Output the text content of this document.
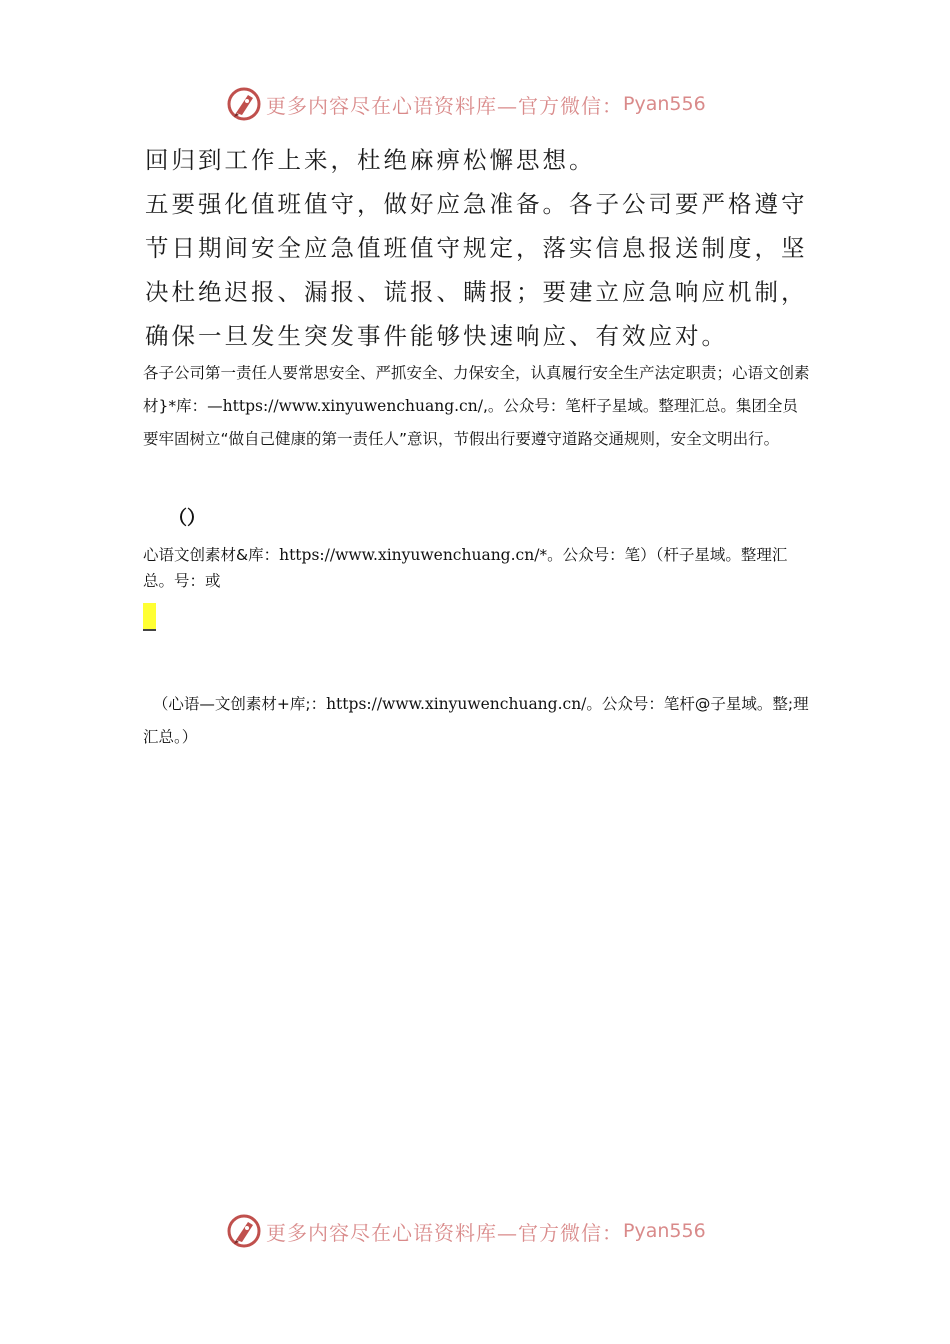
更多内容尽在心语资料库—官方微信： Pyan556
回归到工作上来，杜绝麻痹松懈思想。
五要强化值班值守，做好应急准备。各子公司要严格遵守节日期间安全应急值班值守规定，落实信息报送制度，坚决杜绝迟报、漏报、谎报、瞒报；要建立应急响应机制，确保一旦发生突发事件能够快速响应、有效应对。
各子公司第一责任人要常思安全、严抓安全、力保安全，认真履行安全生产法定职责；心语文创素材}*库：—https://www.xinyuwenchuang.cn/,。公众号：笔杆子星域。整理汇总。集团全员要牢固树立“做自己健康的第一责任人”意识，节假出行要遵守道路交通规则，安全文明出行。
（）
心语文创素材&库：https://www.xinyuwenchuang.cn/*。公众号：笔）（杆子星域。整理汇总。号：或
（心语—文创素材+库;：https://www.xinyuwenchuang.cn/。公众号：笔杆@子星域。整;理汇总。）
更多内容尽在心语资料库—官方微信： Pyan556
